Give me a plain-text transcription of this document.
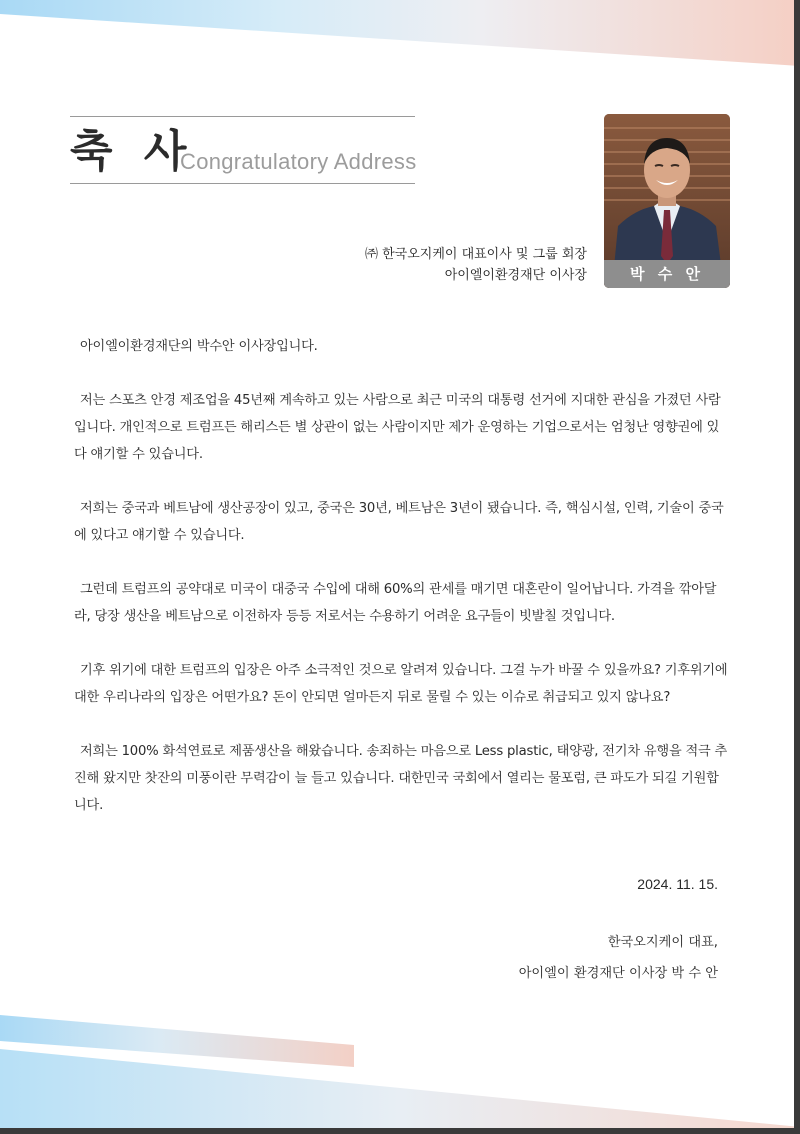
축 사
Congratulatory Address
박 수 안
㈜ 한국오지케이 대표이사 및 그룹 회장
아이엘이환경재단 이사장

아이엘이환경재단의 박수안 이사장입니다.

저는 스포츠 안경 제조업을 45년째 계속하고 있는 사람으로 최근 미국의 대통령 선거에 지대한 관심을 가졌던 사람입니다. 개인적으로 트럼프든 해리스든 별 상관이 없는 사람이지만 제가 운영하는 기업으로서는 엄청난 영향권에 있다 얘기할 수 있습니다.

저희는 중국과 베트남에 생산공장이 있고, 중국은 30년, 베트남은 3년이 됐습니다. 즉, 핵심시설, 인력, 기술이 중국에 있다고 얘기할 수 있습니다.

그런데 트럼프의 공약대로 미국이 대중국 수입에 대해 60%의 관세를 매기면 대혼란이 일어납니다. 가격을 깎아달라, 당장 생산을 베트남으로 이전하자 등등 저로서는 수용하기 어려운 요구들이 빗발칠 것입니다.

기후 위기에 대한 트럼프의 입장은 아주 소극적인 것으로 알려져 있습니다. 그걸 누가 바꿀 수 있을까요? 기후위기에 대한 우리나라의 입장은 어떤가요? 돈이 안되면 얼마든지 뒤로 물릴 수 있는 이슈로 취급되고 있지 않나요?

저희는 100% 화석연료로 제품생산을 해왔습니다. 송죄하는 마음으로 Less plastic, 태양광, 전기차 유행을 적극 추진해 왔지만 찻잔의 미풍이란 무력감이 늘 들고 있습니다. 대한민국 국회에서 열리는 물포럼, 큰 파도가 되길 기원합니다.

2024. 11. 15.
한국오지케이 대표,
아이엘이 환경재단 이사장 박 수 안
